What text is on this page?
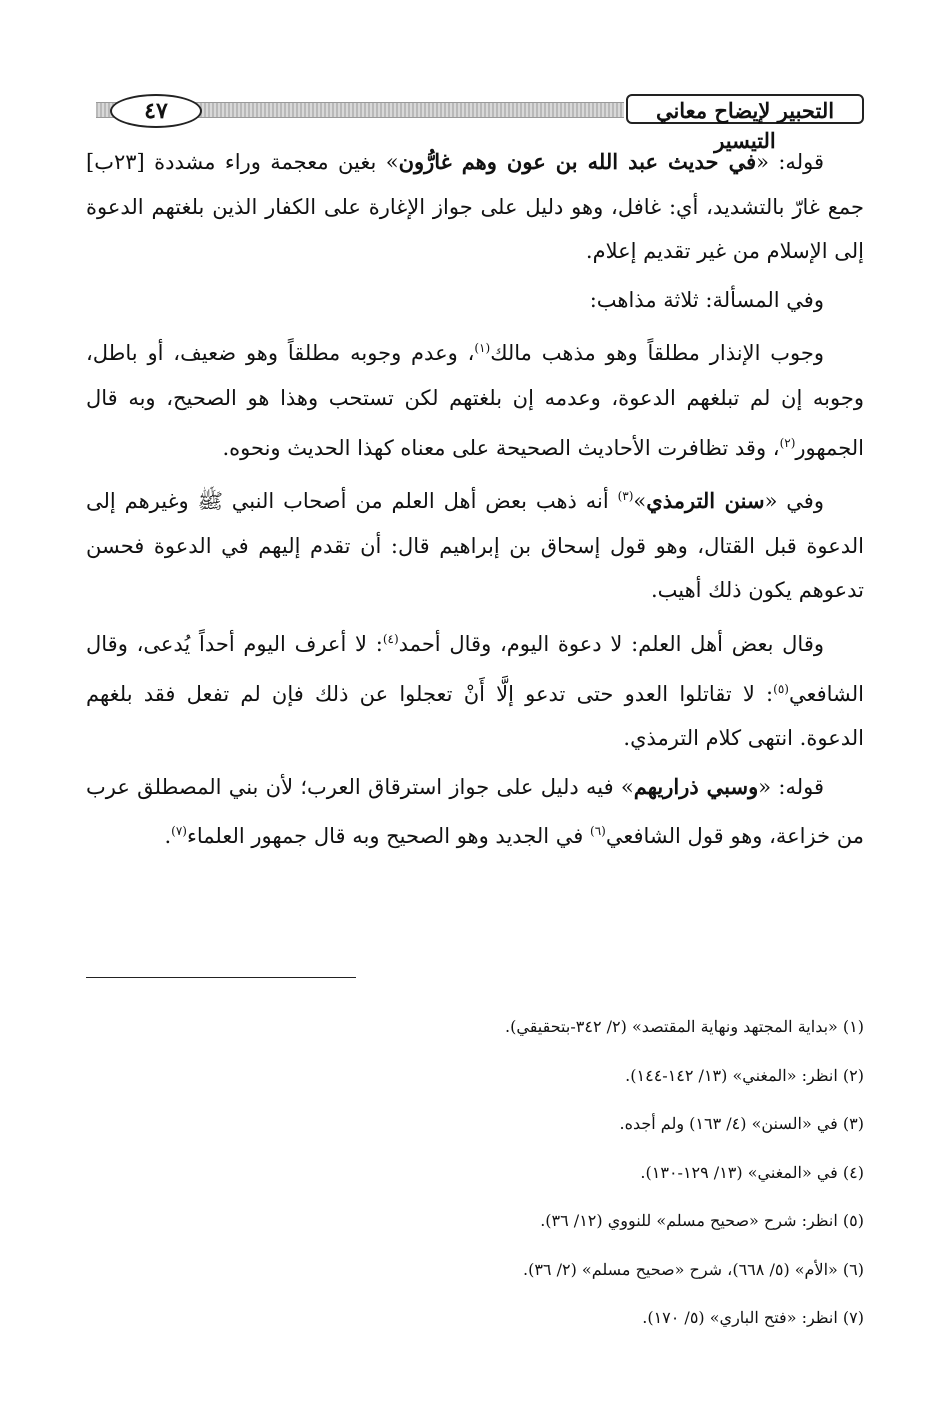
٤٧	التحبير لإيضاح معاني التيسير

قوله: «في حديث عبد الله بن عون وهم غارُّون» بغين معجمة وراء مشددة [٢٣ب] جمع غارّ بالتشديد، أي: غافل، وهو دليل على جواز الإغارة على الكفار الذين بلغتهم الدعوة إلى الإسلام من غير تقديم إعلام.

وفي المسألة: ثلاثة مذاهب:

وجوب الإنذار مطلقاً وهو مذهب مالك$^{(١)}$، وعدم وجوبه مطلقاً وهو ضعيف، أو باطل، وجوبه إن لم تبلغهم الدعوة، وعدمه إن بلغتهم لكن تستحب وهذا هو الصحيح، وبه قال الجمهور$^{(٢)}$، وقد تظافرت الأحاديث الصحيحة على معناه كهذا الحديث ونحوه.

وفي «سنن الترمذي»$^{(٣)}$ أنه ذهب بعض أهل العلم من أصحاب النبي ﷺ وغيرهم إلى الدعوة قبل القتال، وهو قول إسحاق بن إبراهيم قال: أن تقدم إليهم في الدعوة فحسن تدعوهم يكون ذلك أهيب.

وقال بعض أهل العلم: لا دعوة اليوم، وقال أحمد$^{(٤)}$: لا أعرف اليوم أحداً يُدعى، وقال الشافعي$^{(٥)}$: لا تقاتلوا العدو حتى تدعو إلَّا أَنْ تعجلوا عن ذلك فإن لم تفعل فقد بلغهم الدعوة. انتهى كلام الترمذي.

قوله: «وسبي ذراريهم» فيه دليل على جواز استرقاق العرب؛ لأن بني المصطلق عرب من خزاعة، وهو قول الشافعي$^{(٦)}$ في الجديد وهو الصحيح وبه قال جمهور العلماء$^{(٧)}$.

(١) «بداية المجتهد ونهاية المقتصد» (٢/ ٣٤٢-بتحقيقي).
(٢) انظر: «المغني» (١٣/ ١٤٢-١٤٤).
(٣) في «السنن» (٤/ ١٦٣) ولم أجده.
(٤) في «المغني» (١٣/ ١٢٩-١٣٠).
(٥) انظر: شرح «صحيح مسلم» للنووي (١٢/ ٣٦).
(٦) «الأم» (٥/ ٦٦٨)، شرح «صحيح مسلم» (٢/ ٣٦).
(٧) انظر: «فتح الباري» (٥/ ١٧٠).
